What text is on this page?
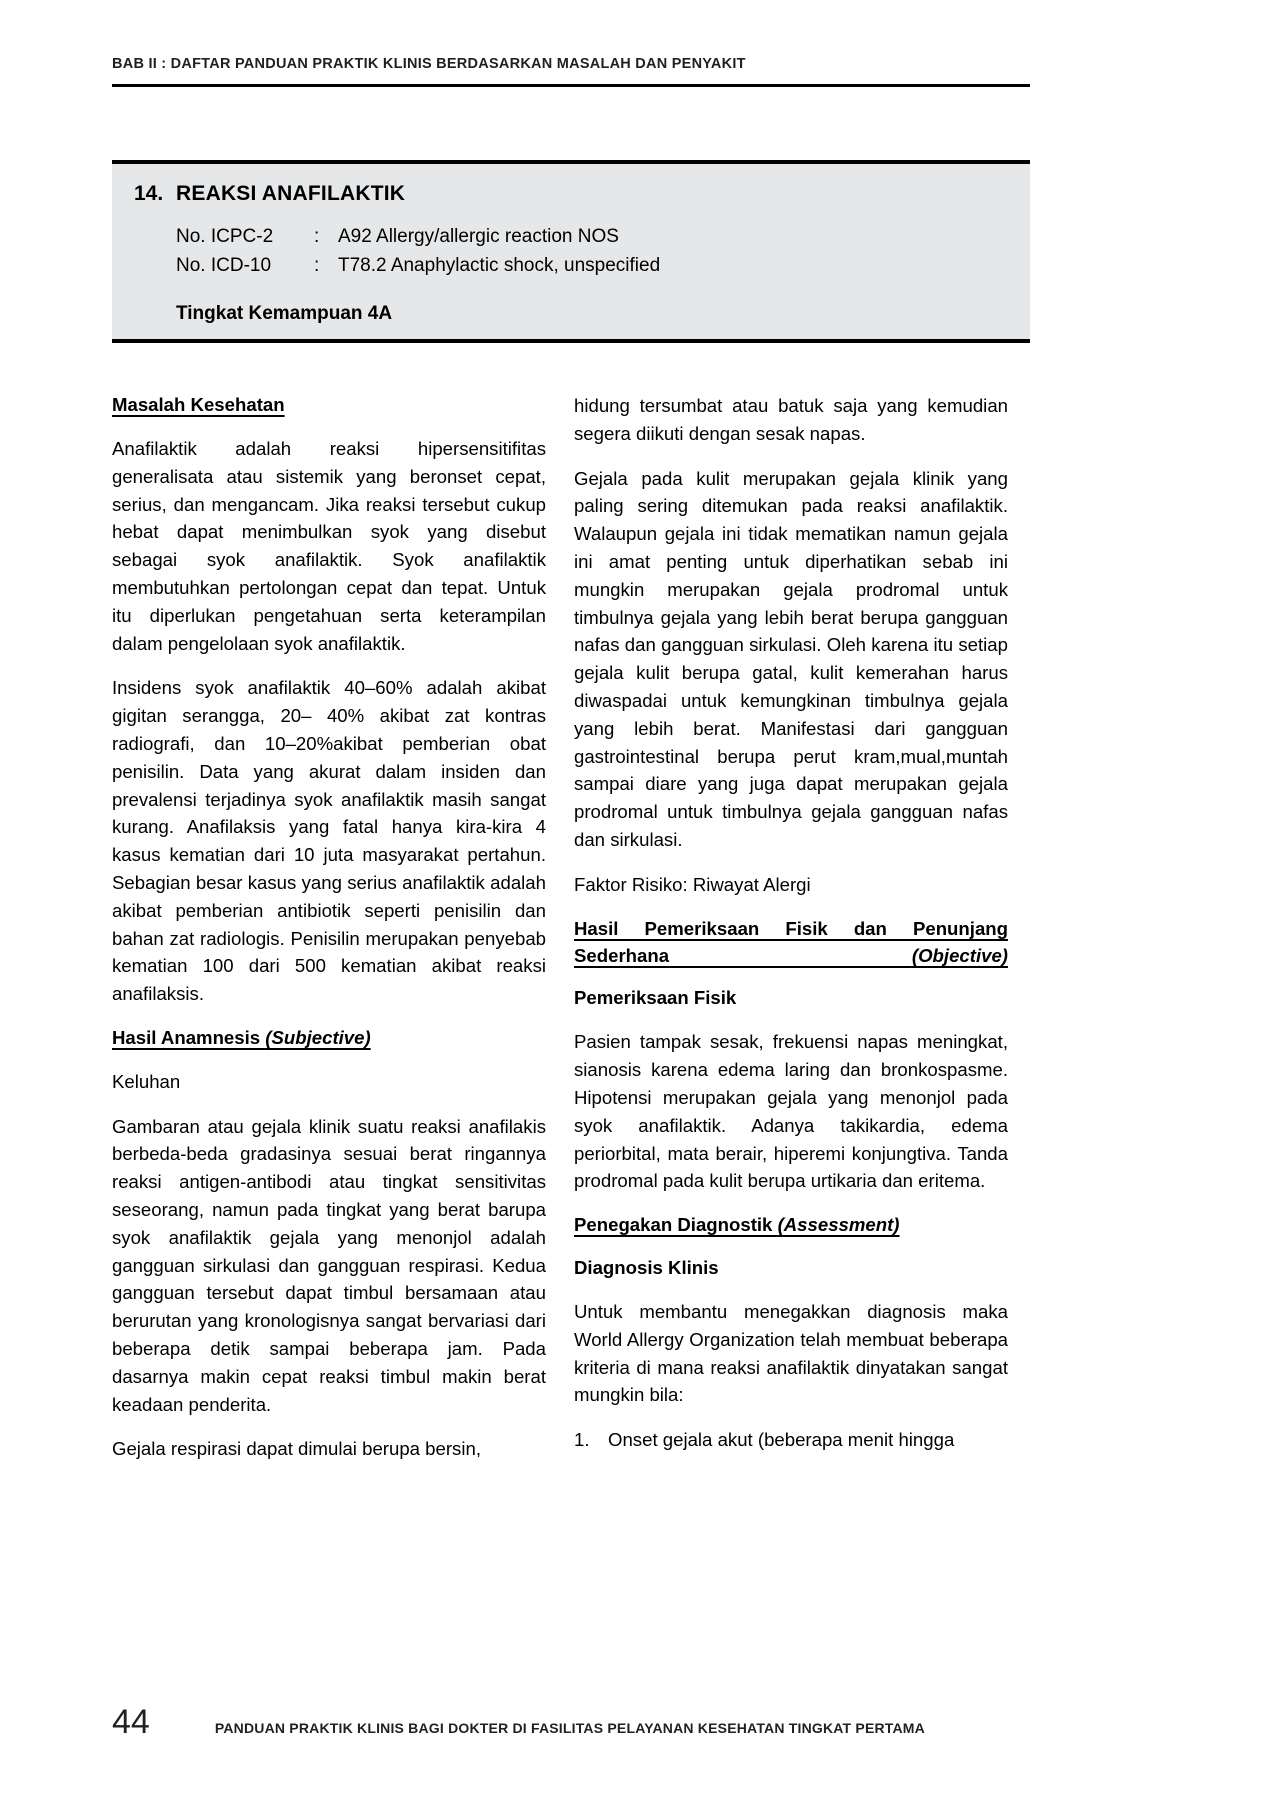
BAB II : DAFTAR PANDUAN PRAKTIK KLINIS BERDASARKAN MASALAH DAN PENYAKIT
14. REAKSI ANAFILAKTIK
No. ICPC-2	: A92 Allergy/allergic reaction NOS
No. ICD-10	: T78.2 Anaphylactic shock, unspecified
Tingkat Kemampuan 4A
Masalah Kesehatan

Anafilaktik adalah reaksi hipersensitifitas generalisata atau sistemik yang beronset cepat, serius, dan mengancam. Jika reaksi tersebut cukup hebat dapat menimbulkan syok yang disebut sebagai syok anafilaktik. Syok anafilaktik membutuhkan pertolongan cepat dan tepat. Untuk itu diperlukan pengetahuan serta keterampilan dalam pengelolaan syok anafilaktik.

Insidens syok anafilaktik 40–60% adalah akibat gigitan serangga, 20– 40% akibat zat kontras radiografi, dan 10–20%akibat pemberian obat penisilin. Data yang akurat dalam insiden dan prevalensi terjadinya syok anafilaktik masih sangat kurang. Anafilaksis yang fatal hanya kira-kira 4 kasus kematian dari 10 juta masyarakat pertahun. Sebagian besar kasus yang serius anafilaktik adalah akibat pemberian antibiotik seperti penisilin dan bahan zat radiologis. Penisilin merupakan penyebab kematian 100 dari 500 kematian akibat reaksi anafilaksis.

Hasil Anamnesis (Subjective)

Keluhan

Gambaran atau gejala klinik suatu reaksi anafilakis berbeda-beda gradasinya sesuai berat ringannya reaksi antigen-antibodi atau tingkat sensitivitas seseorang, namun pada tingkat yang berat barupa syok anafilaktik gejala yang menonjol adalah gangguan sirkulasi dan gangguan respirasi. Kedua gangguan tersebut dapat timbul bersamaan atau berurutan yang kronologisnya sangat bervariasi dari beberapa detik sampai beberapa jam. Pada dasarnya makin cepat reaksi timbul makin berat keadaan penderita.

Gejala respirasi dapat dimulai berupa bersin,

hidung tersumbat atau batuk saja yang kemudian segera diikuti dengan sesak napas.

Gejala pada kulit merupakan gejala klinik yang paling sering ditemukan pada reaksi anafilaktik. Walaupun gejala ini tidak mematikan namun gejala ini amat penting untuk diperhatikan sebab ini mungkin merupakan gejala prodromal untuk timbulnya gejala yang lebih berat berupa gangguan nafas dan gangguan sirkulasi. Oleh karena itu setiap gejala kulit berupa gatal, kulit kemerahan harus diwaspadai untuk kemungkinan timbulnya gejala yang lebih berat. Manifestasi dari gangguan gastrointestinal berupa perut kram,mual,muntah sampai diare yang juga dapat merupakan gejala prodromal untuk timbulnya gejala gangguan nafas dan sirkulasi.

Faktor Risiko: Riwayat Alergi

Hasil Pemeriksaan Fisik dan Penunjang Sederhana (Objective)
Pemeriksaan Fisik

Pasien tampak sesak, frekuensi napas meningkat, sianosis karena edema laring dan bronkospasme. Hipotensi merupakan gejala yang menonjol pada syok anafilaktik. Adanya takikardia, edema periorbital, mata berair, hiperemi konjungtiva. Tanda prodromal pada kulit berupa urtikaria dan eritema.

Penegakan Diagnostik (Assessment)
Diagnosis Klinis

Untuk membantu menegakkan diagnosis maka World Allergy Organization telah membuat beberapa kriteria di mana reaksi anafilaktik dinyatakan sangat mungkin bila:

1. Onset gejala akut (beberapa menit hingga
44	PANDUAN PRAKTIK KLINIS BAGI DOKTER DI FASILITAS PELAYANAN KESEHATAN TINGKAT PERTAMA
